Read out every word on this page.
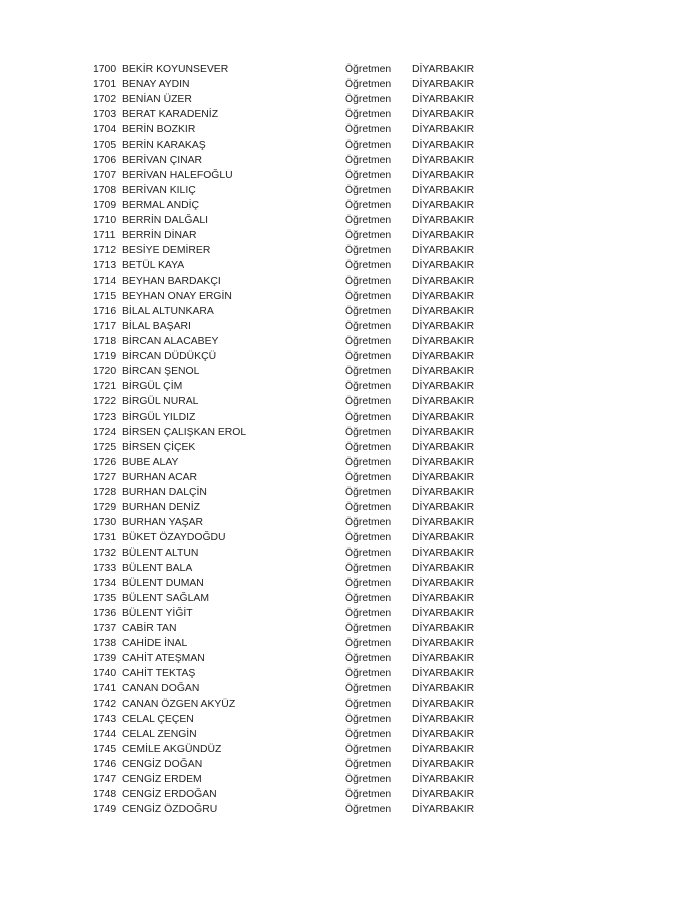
1700 BEKİR KOYUNSEVER	Öğretmen DİYARBAKIR
1701 BENAY AYDIN	Öğretmen DİYARBAKIR
1702 BENİAN ÜZER	Öğretmen DİYARBAKIR
1703 BERAT KARADENİZ	Öğretmen DİYARBAKIR
1704 BERİN BOZKIR	Öğretmen DİYARBAKIR
1705 BERİN KARAKAŞ	Öğretmen DİYARBAKIR
1706 BERİVAN ÇINAR	Öğretmen DİYARBAKIR
1707 BERİVAN HALEFOĞLU	Öğretmen DİYARBAKIR
1708 BERİVAN KILIÇ	Öğretmen DİYARBAKIR
1709 BERMAL ANDİÇ	Öğretmen DİYARBAKIR
1710 BERRİN DALĞALI	Öğretmen DİYARBAKIR
1711 BERRİN DİNAR	Öğretmen DİYARBAKIR
1712 BESİYE DEMİRER	Öğretmen DİYARBAKIR
1713 BETÜL KAYA	Öğretmen DİYARBAKIR
1714 BEYHAN BARDAKÇI	Öğretmen DİYARBAKIR
1715 BEYHAN ONAY ERGİN	Öğretmen DİYARBAKIR
1716 BİLAL ALTUNKARA	Öğretmen DİYARBAKIR
1717 BİLAL BAŞARI	Öğretmen DİYARBAKIR
1718 BİRCAN ALACABEY	Öğretmen DİYARBAKIR
1719 BİRCAN DÜDÜKÇÜ	Öğretmen DİYARBAKIR
1720 BİRCAN ŞENOL	Öğretmen DİYARBAKIR
1721 BİRGÜL ÇİM	Öğretmen DİYARBAKIR
1722 BİRGÜL NURAL	Öğretmen DİYARBAKIR
1723 BİRGÜL YILDIZ	Öğretmen DİYARBAKIR
1724 BİRSEN ÇALIŞKAN EROL	Öğretmen DİYARBAKIR
1725 BİRSEN ÇİÇEK	Öğretmen DİYARBAKIR
1726 BUBE ALAY	Öğretmen DİYARBAKIR
1727 BURHAN ACAR	Öğretmen DİYARBAKIR
1728 BURHAN DALÇİN	Öğretmen DİYARBAKIR
1729 BURHAN DENİZ	Öğretmen DİYARBAKIR
1730 BURHAN YAŞAR	Öğretmen DİYARBAKIR
1731 BÜKET ÖZAYDOĞDU	Öğretmen DİYARBAKIR
1732 BÜLENT ALTUN	Öğretmen DİYARBAKIR
1733 BÜLENT BALA	Öğretmen DİYARBAKIR
1734 BÜLENT DUMAN	Öğretmen DİYARBAKIR
1735 BÜLENT SAĞLAM	Öğretmen DİYARBAKIR
1736 BÜLENT YİĞİT	Öğretmen DİYARBAKIR
1737 CABİR TAN	Öğretmen DİYARBAKIR
1738 CAHİDE İNAL	Öğretmen DİYARBAKIR
1739 CAHİT ATEŞMAN	Öğretmen DİYARBAKIR
1740 CAHİT TEKTAŞ	Öğretmen DİYARBAKIR
1741 CANAN DOĞAN	Öğretmen DİYARBAKIR
1742 CANAN ÖZGEN AKYÜZ	Öğretmen DİYARBAKIR
1743 CELAL ÇEÇEN	Öğretmen DİYARBAKIR
1744 CELAL ZENGİN	Öğretmen DİYARBAKIR
1745 CEMİLE AKGÜNDÜZ	Öğretmen DİYARBAKIR
1746 CENGİZ DOĞAN	Öğretmen DİYARBAKIR
1747 CENGİZ ERDEM	Öğretmen DİYARBAKIR
1748 CENGİZ ERDOĞAN	Öğretmen DİYARBAKIR
1749 CENGİZ ÖZDOĞRU	Öğretmen DİYARBAKIR
